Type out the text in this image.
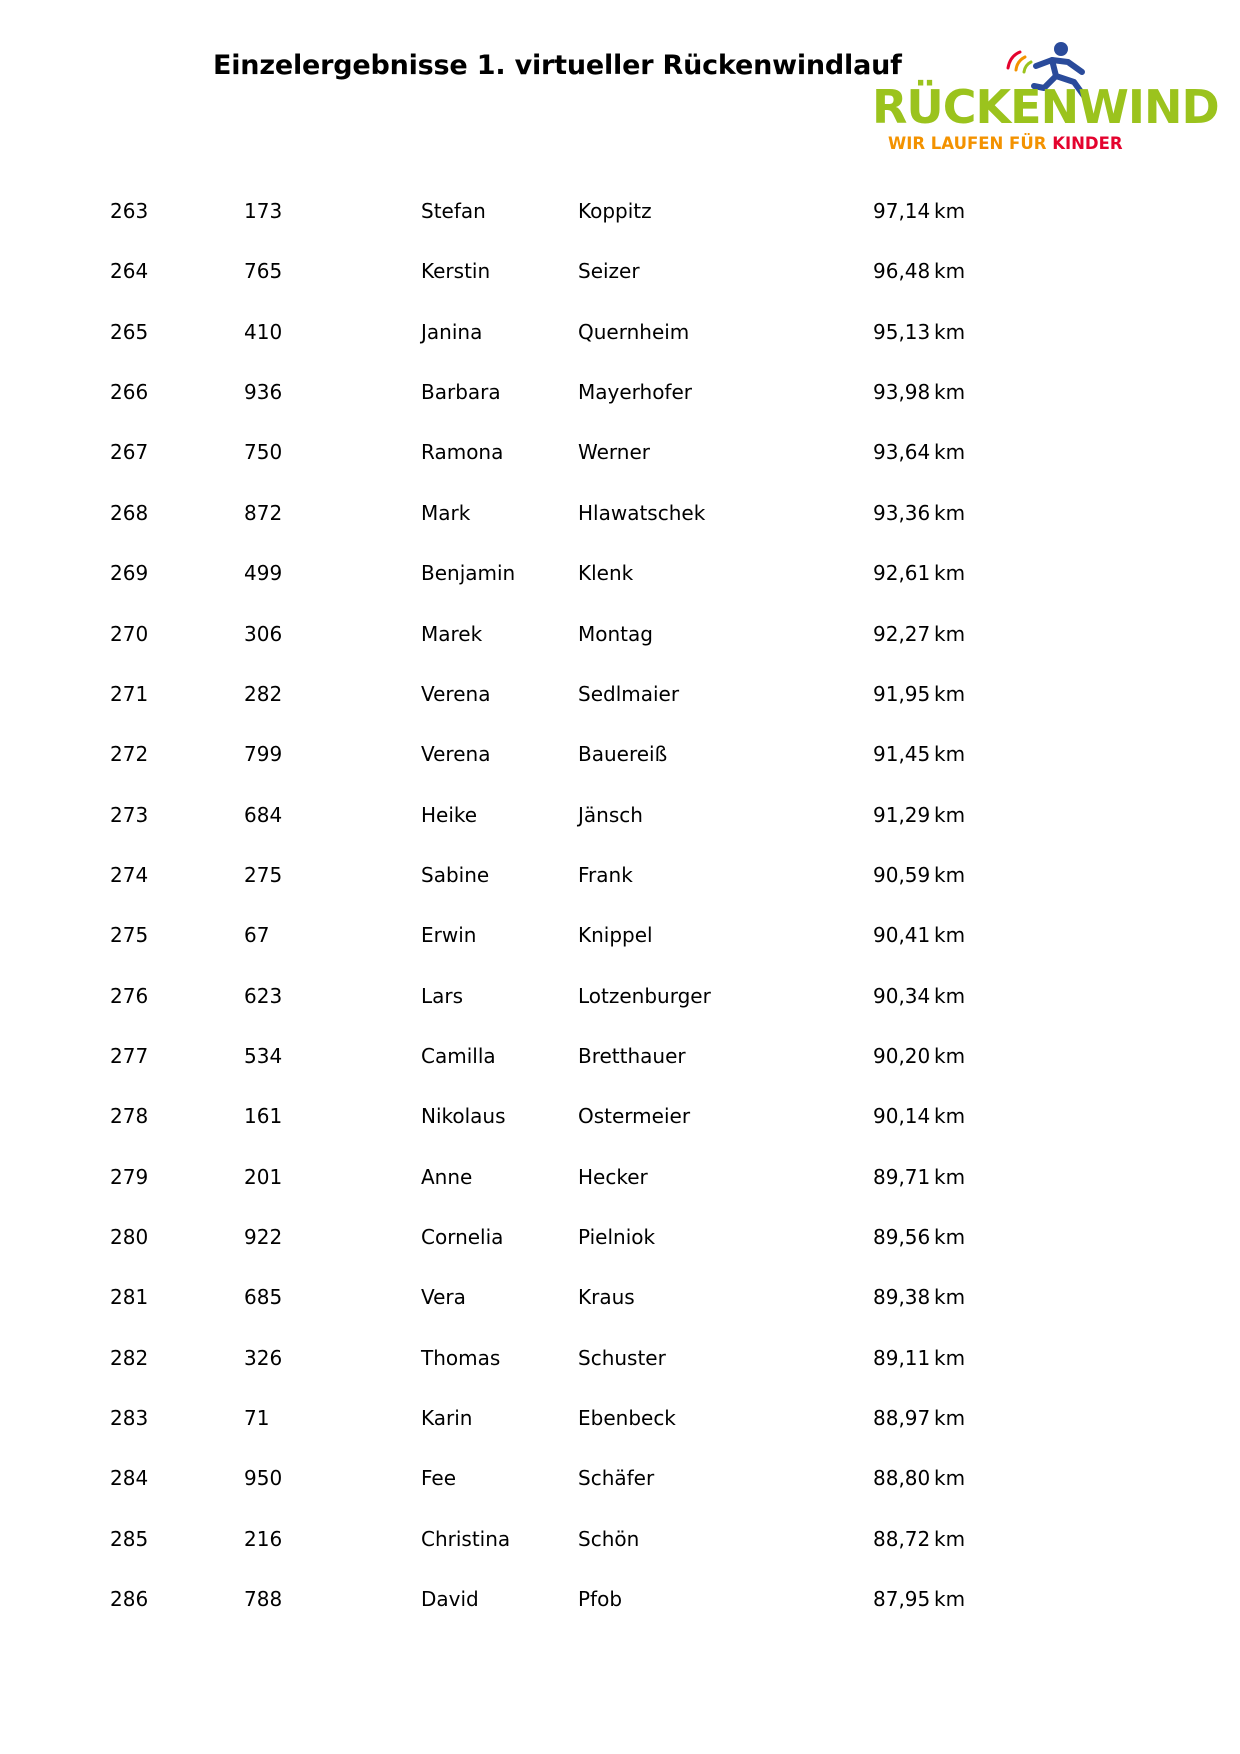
Einzelergebnisse 1. virtueller Rückenwindlauf
RÜCKENWIND
WIR LAUFEN FÜR KINDER
263	173	Stefan	Koppitz	97,14 km
264	765	Kerstin	Seizer	96,48 km
265	410	Janina	Quernheim	95,13 km
266	936	Barbara	Mayerhofer	93,98 km
267	750	Ramona	Werner	93,64 km
268	872	Mark	Hlawatschek	93,36 km
269	499	Benjamin	Klenk	92,61 km
270	306	Marek	Montag	92,27 km
271	282	Verena	Sedlmaier	91,95 km
272	799	Verena	Bauereiß	91,45 km
273	684	Heike	Jänsch	91,29 km
274	275	Sabine	Frank	90,59 km
275	67	Erwin	Knippel	90,41 km
276	623	Lars	Lotzenburger	90,34 km
277	534	Camilla	Bretthauer	90,20 km
278	161	Nikolaus	Ostermeier	90,14 km
279	201	Anne	Hecker	89,71 km
280	922	Cornelia	Pielniok	89,56 km
281	685	Vera	Kraus	89,38 km
282	326	Thomas	Schuster	89,11 km
283	71	Karin	Ebenbeck	88,97 km
284	950	Fee	Schäfer	88,80 km
285	216	Christina	Schön	88,72 km
286	788	David	Pfob	87,95 km
